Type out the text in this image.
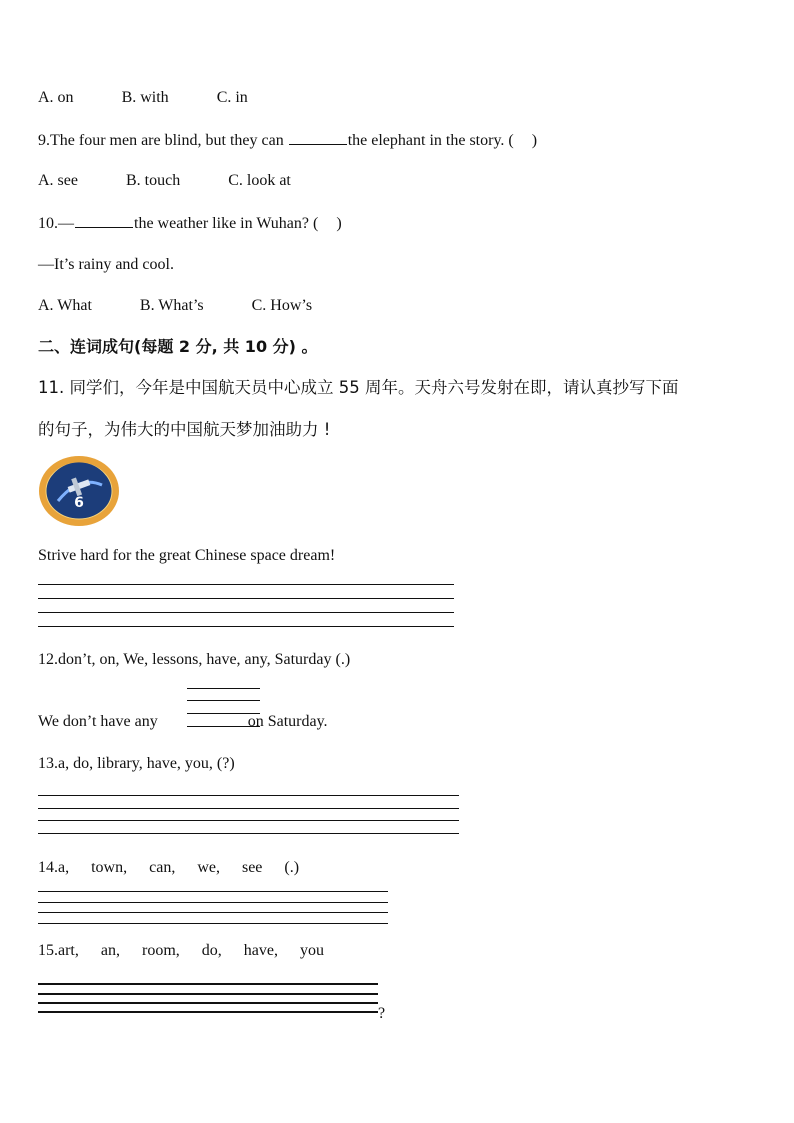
A. on	B. with	C. in
9.The four men are blind, but they can	the elephant in the story. ( )
A. see	B. touch	C. look at
10.—	the weather like in Wuhan? ( )
—It’s rainy and cool.
A. What	B. What’s	C. How’s
二、连词成句(每题 2 分, 共 10 分) 。
11. 同学们，今年是中国航天员中心成立 55 周年。天舟六号发射在即，请认真抄写下面
的句子，为伟大的中国航天梦加油助力 !
6
Strive hard for the great Chinese space dream!
12.don’t, on, We, lessons, have, any, Saturday (.)
We don’t have any	on Saturday.
13.a, do, library, have, you, (?)
14.a, town, can, we, see (.)
15.art, an, room, do, have, you
?
